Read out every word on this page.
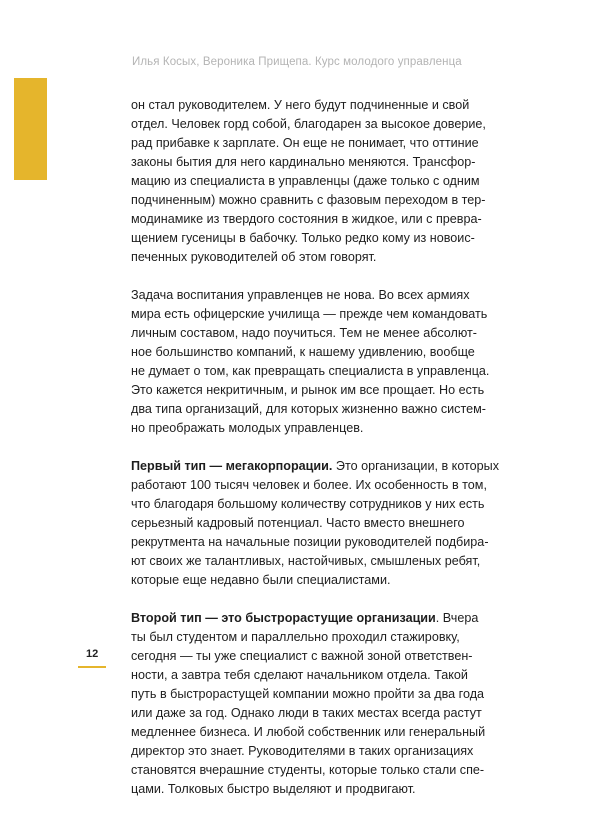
Илья Косых, Вероника Прищепа. Курс молодого управленца

он стал руководителем. У него будут подчиненные и свой
отдел. Человек горд собой, благодарен за высокое доверие,
рад прибавке к зарплате. Он еще не понимает, что оттиние
законы бытия для него кардинально меняются. Трансфор-
мацию из специалиста в управленцы (даже только с одним
подчиненным) можно сравнить с фазовым переходом в тер-
модинамике из твердого состояния в жидкое, или с превра-
щением гусеницы в бабочку. Только редко кому из новоис-
печенных руководителей об этом говорят.

Задача воспитания управленцев не нова. Во всех армиях
мира есть офицерские училища — прежде чем командовать
личным составом, надо поучиться. Тем не менее абсолют-
ное большинство компаний, к нашему удивлению, вообще
не думает о том, как превращать специалиста в управленца.
Это кажется некритичным, и рынок им все прощает. Но есть
два типа организаций, для которых жизненно важно систем-
но преображать молодых управленцев.

Первый тип — мегакорпорации. Это организации, в которых
работают 100 тысяч человек и более. Их особенность в том,
что благодаря большому количеству сотрудников у них есть
серьезный кадровый потенциал. Часто вместо внешнего
рекрутмента на начальные позиции руководителей подбира-
ют своих же талантливых, настойчивых, смышленых ребят,
которые еще недавно были специалистами.

Второй тип — это быстрорастущие организации. Вчера
ты был студентом и параллельно проходил стажировку,
сегодня — ты уже специалист с важной зоной ответствен-
ности, а завтра тебя сделают начальником отдела. Такой
путь в быстрорастущей компании можно пройти за два года
или даже за год. Однако люди в таких местах всегда растут
медленнее бизнеса. И любой собственник или генеральный
директор это знает. Руководителями в таких организациях
становятся вчерашние студенты, которые только стали спе-
цами. Толковых быстро выделяют и продвигают.

12
